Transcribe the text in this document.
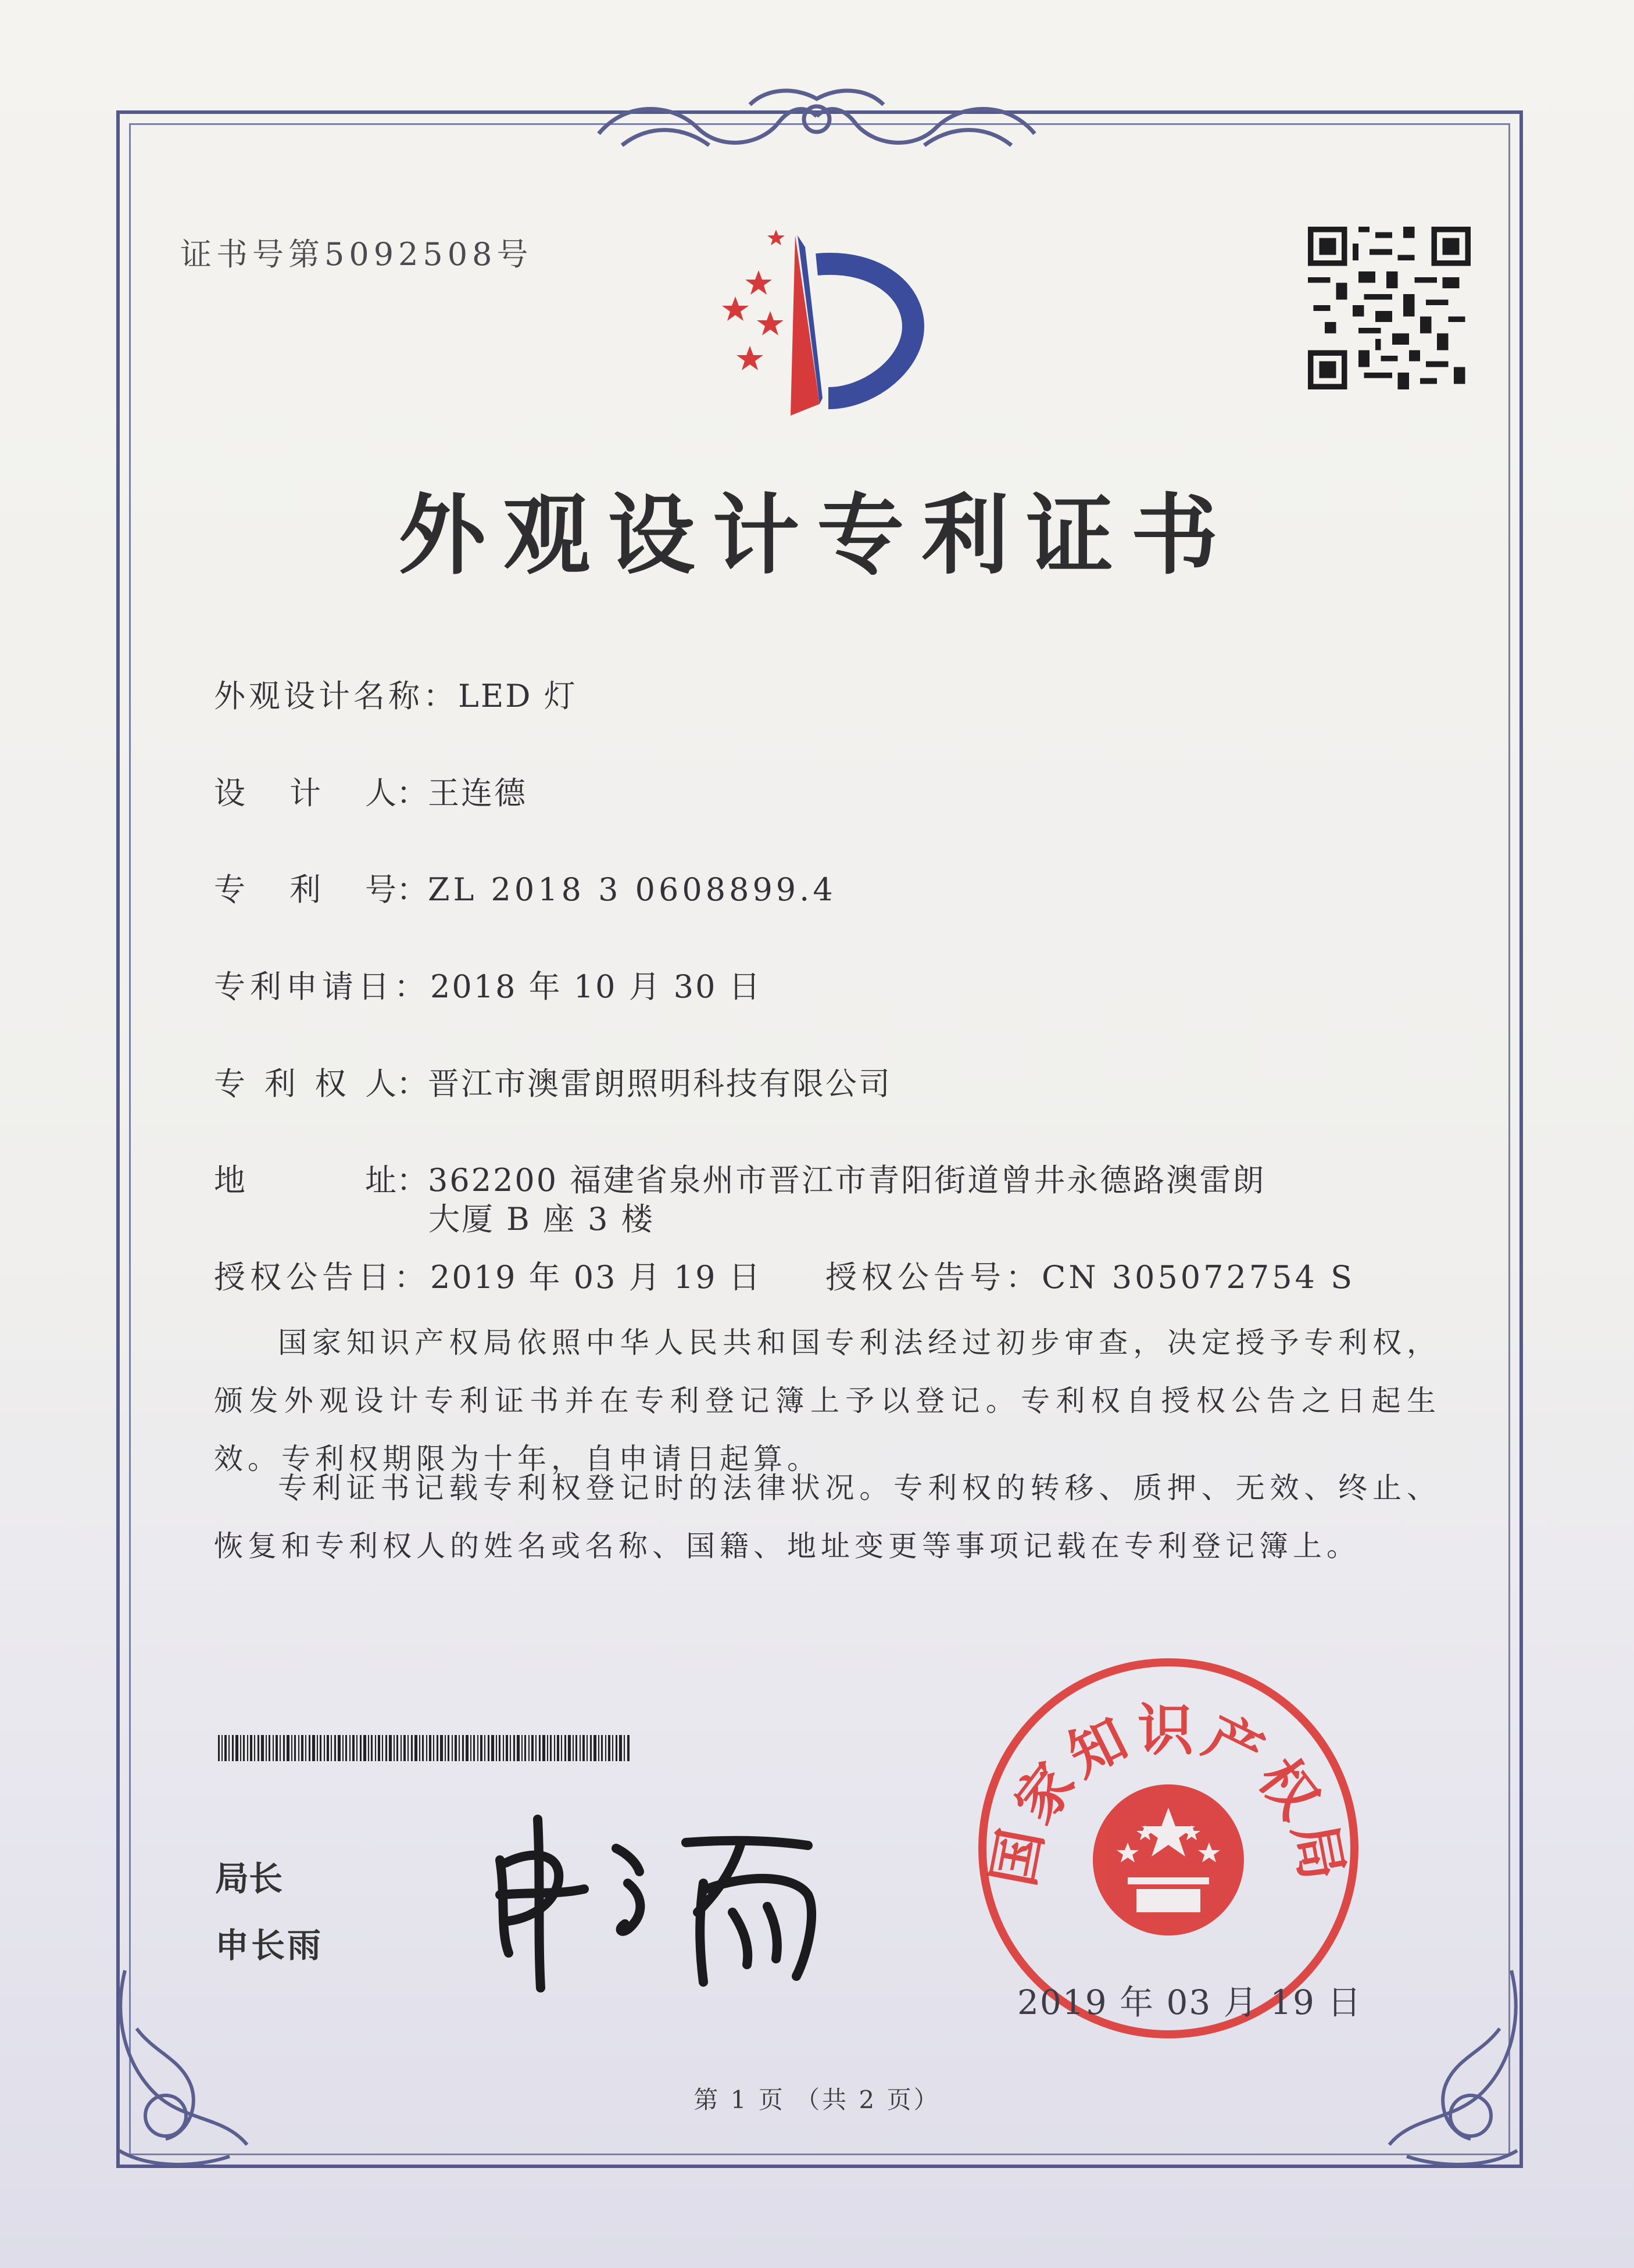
证书号第5092508号
外观设计专利证书
外观设计名称：LED 灯
设 计 人： 王连德
专 利 号： ZL 2018 3 0608899.4
专利申请日：2018 年 10 月 30 日
专 利 权 人： 晋江市澳雷朗照明科技有限公司
地	址： 362200 福建省泉州市晋江市青阳街道曾井永德路澳雷朗
大厦 B 座 3 楼
授权公告日：2019 年 03 月 19 日 授权公告号：CN 305072754 S

国家知识产权局依照中华人民共和国专利法经过初步审查，决定授予专利权，颁发外观设计专利证书并在专利登记簿上予以登记。专利权自授权公告之日起生效。专利权期限为十年，自申请日起算。

专利证书记载专利权登记时的法律状况。专利权的转移、质押、无效、终止、恢复和专利权人的姓名或名称、国籍、地址变更等事项记载在专利登记簿上。

局长
申长雨
国家知识产权局
2019 年 03 月 19 日
第 1 页 （共 2 页）
